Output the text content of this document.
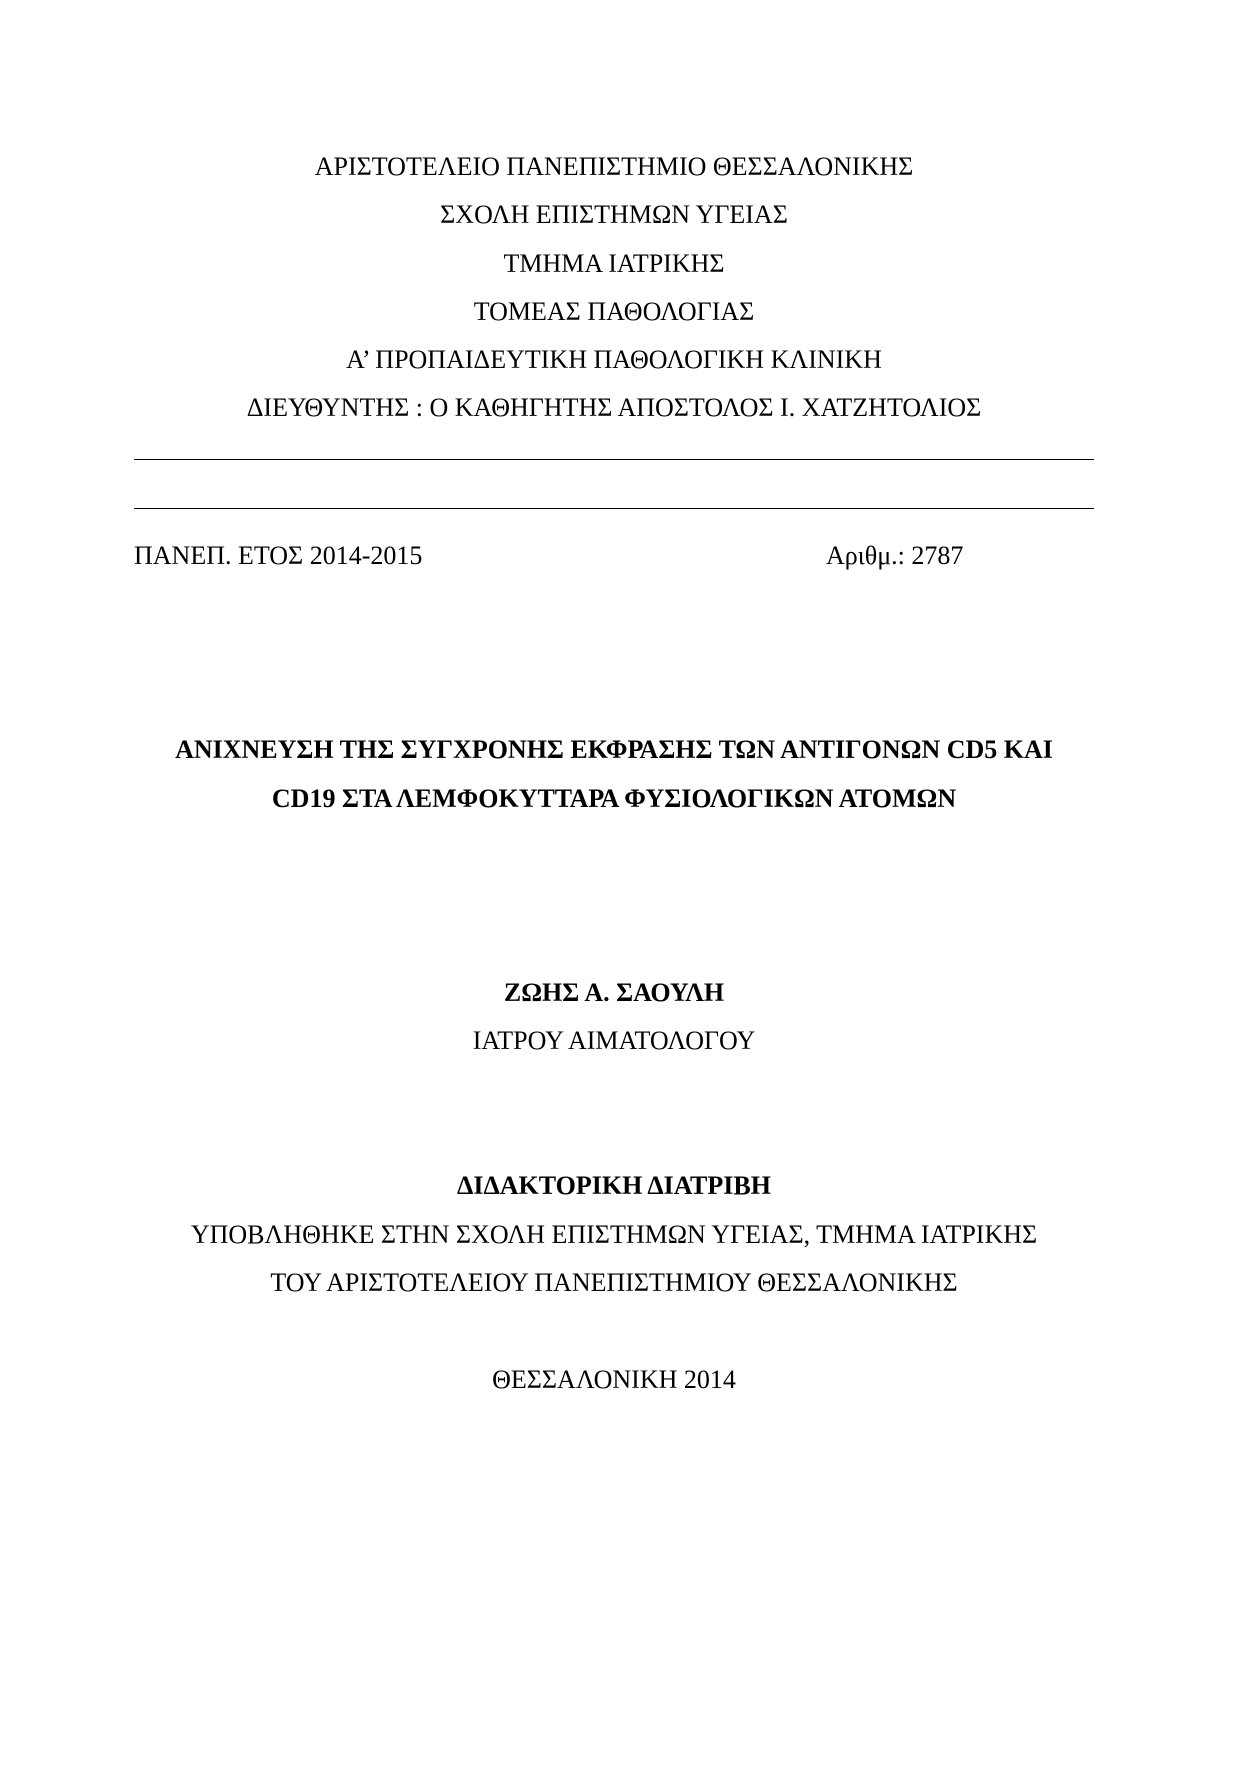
ΑΡΙΣΤΟΤΕΛΕΙΟ ΠΑΝΕΠΙΣΤΗΜΙΟ ΘΕΣΣΑΛΟΝΙΚΗΣ
ΣΧΟΛΗ ΕΠΙΣΤΗΜΩΝ ΥΓΕΙΑΣ
ΤΜΗΜΑ ΙΑΤΡΙΚΗΣ
ΤΟΜΕΑΣ ΠΑΘΟΛΟΓΙΑΣ
Α’ ΠΡΟΠΑΙΔΕΥΤΙΚΗ ΠΑΘΟΛΟΓΙΚΗ ΚΛΙΝΙΚΗ
ΔΙΕΥΘΥΝΤΗΣ : Ο ΚΑΘΗΓΗΤΗΣ ΑΠΟΣΤΟΛΟΣ Ι. ΧΑΤΖΗΤΟΛΙΟΣ
ΠΑΝΕΠ. ΕΤΟΣ 2014-2015	Αριθμ.: 2787
ΑΝΙΧΝΕΥΣΗ ΤΗΣ ΣΥΓΧΡΟΝΗΣ ΕΚΦΡΑΣΗΣ ΤΩΝ ΑΝΤΙΓΟΝΩΝ CD5 ΚΑΙ
CD19 ΣΤΑ ΛΕΜΦΟΚΥΤΤΑΡΑ ΦΥΣΙΟΛΟΓΙΚΩΝ ΑΤΟΜΩΝ
ΖΩΗΣ Α. ΣΑΟΥΛΗ
ΙΑΤΡΟΥ ΑΙΜΑΤΟΛΟΓΟΥ
ΔΙΔΑΚΤΟΡΙΚΗ ΔΙΑΤΡΙΒΗ
ΥΠΟΒΛΗΘΗΚΕ ΣΤΗΝ ΣΧΟΛΗ ΕΠΙΣΤΗΜΩΝ ΥΓΕΙΑΣ, ΤΜΗΜΑ ΙΑΤΡΙΚΗΣ
ΤΟΥ ΑΡΙΣΤΟΤΕΛΕΙΟΥ ΠΑΝΕΠΙΣΤΗΜΙΟΥ ΘΕΣΣΑΛΟΝΙΚΗΣ
ΘΕΣΣΑΛΟΝΙΚΗ 2014
